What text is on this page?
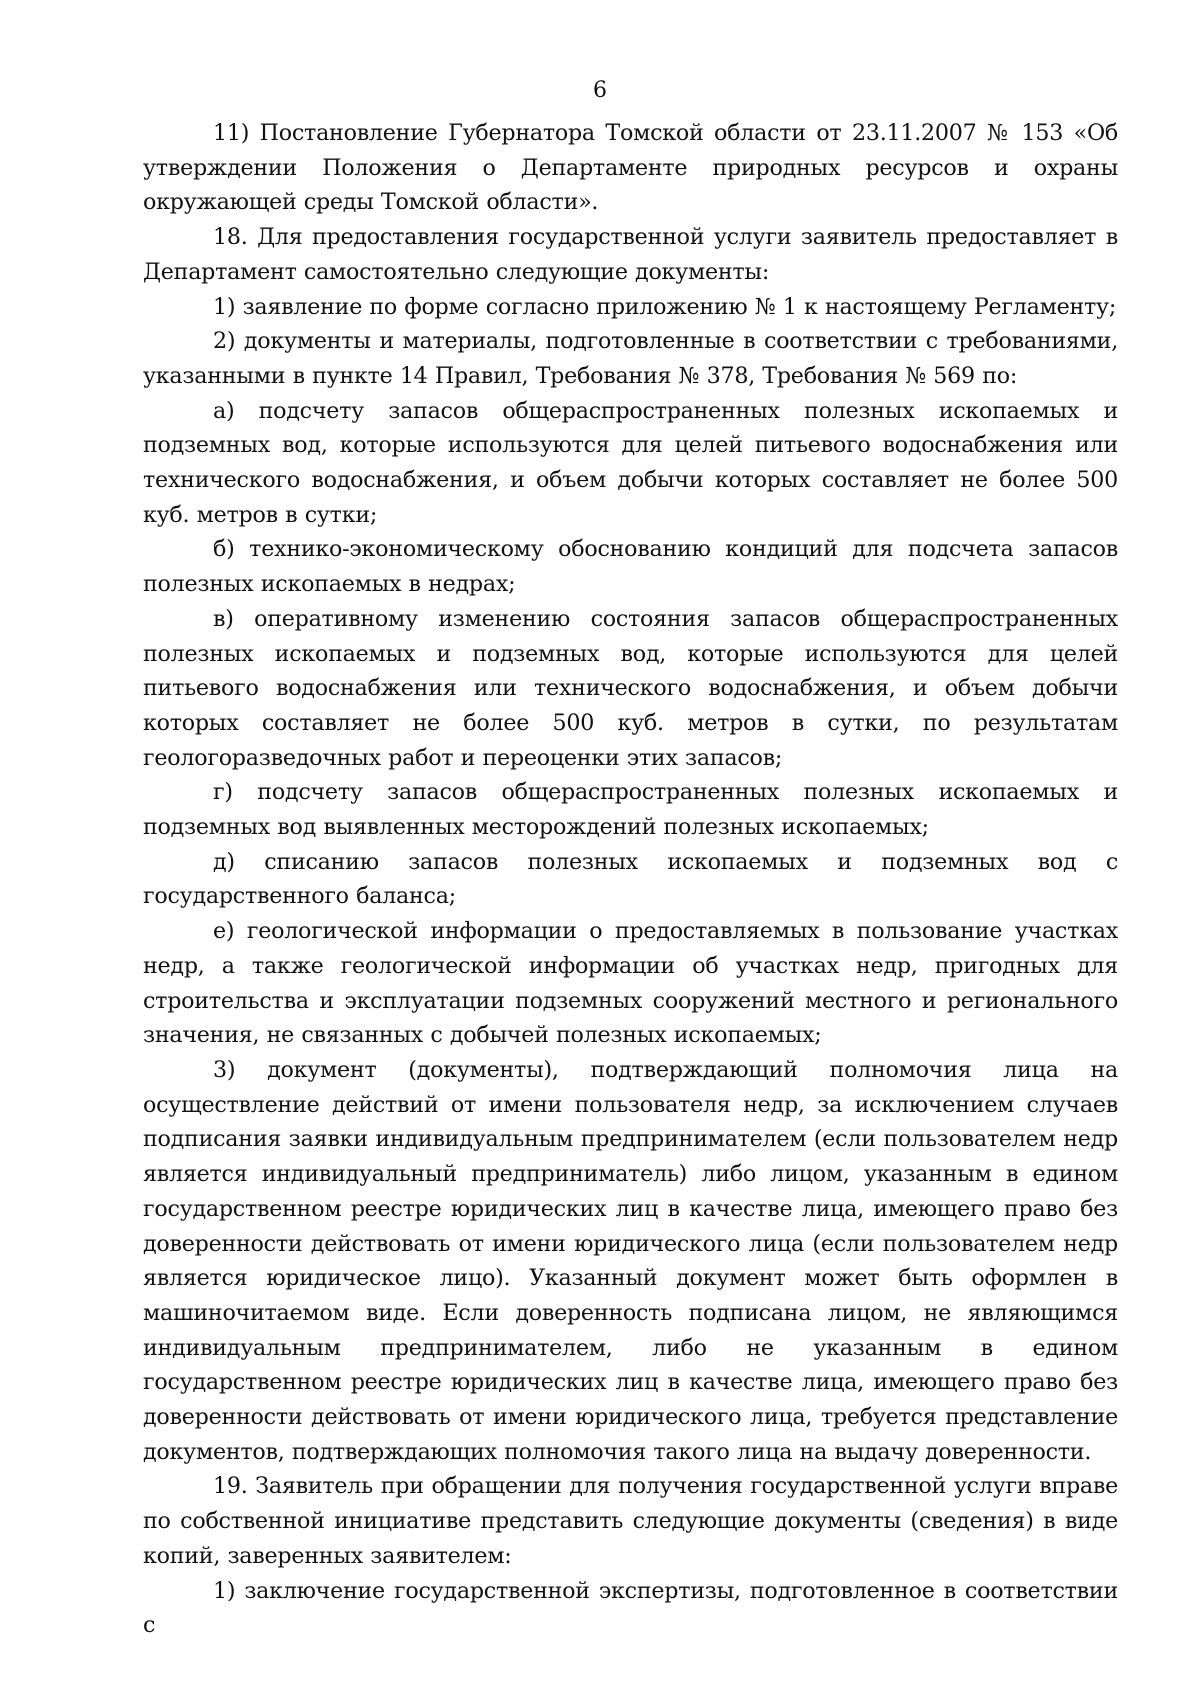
6

11) Постановление Губернатора Томской области от 23.11.2007 № 153 «Об утверждении Положения о Департаменте природных ресурсов и охраны окружающей среды Томской области».

18. Для предоставления государственной услуги заявитель предоставляет в Департамент самостоятельно следующие документы:

1) заявление по форме согласно приложению № 1 к настоящему Регламенту;

2) документы и материалы, подготовленные в соответствии с требованиями, указанными в пункте 14 Правил, Требования № 378, Требования № 569 по:

а) подсчету запасов общераспространенных полезных ископаемых и подземных вод, которые используются для целей питьевого водоснабжения или технического водоснабжения, и объем добычи которых составляет не более 500 куб. метров в сутки;

б) технико-экономическому обоснованию кондиций для подсчета запасов полезных ископаемых в недрах;

в) оперативному изменению состояния запасов общераспространенных полезных ископаемых и подземных вод, которые используются для целей питьевого водоснабжения или технического водоснабжения, и объем добычи которых составляет не более 500 куб. метров в сутки, по результатам геологоразведочных работ и переоценки этих запасов;

г) подсчету запасов общераспространенных полезных ископаемых и подземных вод выявленных месторождений полезных ископаемых;

д) списанию запасов полезных ископаемых и подземных вод с государственного баланса;

е) геологической информации о предоставляемых в пользование участках недр, а также геологической информации об участках недр, пригодных для строительства и эксплуатации подземных сооружений местного и регионального значения, не связанных с добычей полезных ископаемых;

3) документ (документы), подтверждающий полномочия лица на осуществление действий от имени пользователя недр, за исключением случаев подписания заявки индивидуальным предпринимателем (если пользователем недр является индивидуальный предприниматель) либо лицом, указанным в едином государственном реестре юридических лиц в качестве лица, имеющего право без доверенности действовать от имени юридического лица (если пользователем недр является юридическое лицо). Указанный документ может быть оформлен в машиночитаемом виде. Если доверенность подписана лицом, не являющимся индивидуальным предпринимателем, либо не указанным в едином государственном реестре юридических лиц в качестве лица, имеющего право без доверенности действовать от имени юридического лица, требуется представление документов, подтверждающих полномочия такого лица на выдачу доверенности.

19. Заявитель при обращении для получения государственной услуги вправе по собственной инициативе представить следующие документы (сведения) в виде копий, заверенных заявителем:

1) заключение государственной экспертизы, подготовленное в соответствии с
